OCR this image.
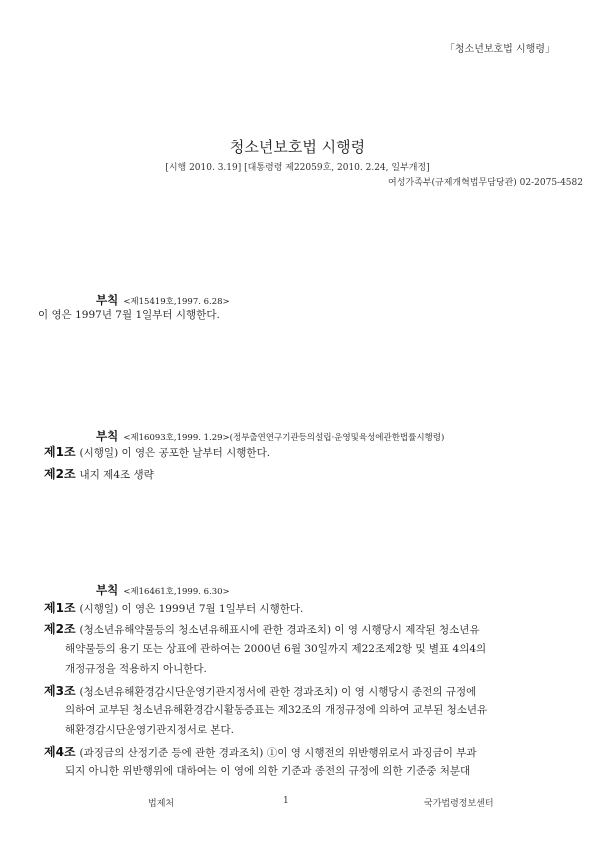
「청소년보호법 시행령」
청소년보호법 시행령
[시행 2010. 3.19] [대통령령 제22059호, 2010. 2.24, 일부개정]
여성가족부(규제개혁법무담당관) 02-2075-4582
부칙 <제15419호,1997. 6.28>
이 영은 1997년 7월 1일부터 시행한다.
부칙 <제16093호,1999. 1.29>(정부출연연구기관등의설립·운영및육성에관한법률시행령)
제1조 (시행일) 이 영은 공포한 날부터 시행한다.
제2조 내지 제4조 생략
부칙 <제16461호,1999. 6.30>
제1조 (시행일) 이 영은 1999년 7월 1일부터 시행한다.
제2조 (청소년유해약물등의 청소년유해표시에 관한 경과조치) 이 영 시행당시 제작된 청소년유
해약물등의 용기 또는 상표에 관하여는 2000년 6월 30일까지 제22조제2항 및 별표 4의4의
개정규정을 적용하지 아니한다.
제3조 (청소년유해환경감시단운영기관지정서에 관한 경과조치) 이 영 시행당시 종전의 규정에
의하여 교부된 청소년유해환경감시활동증표는 제32조의 개정규정에 의하여 교부된 청소년유
해환경감시단운영기관지정서로 본다.
제4조 (과징금의 산정기준 등에 관한 경과조치) ①이 영 시행전의 위반행위로서 과징금이 부과
되지 아니한 위반행위에 대하여는 이 영에 의한 기준과 종전의 규정에 의한 기준중 처분대
법제처	1	국가법령정보센터
